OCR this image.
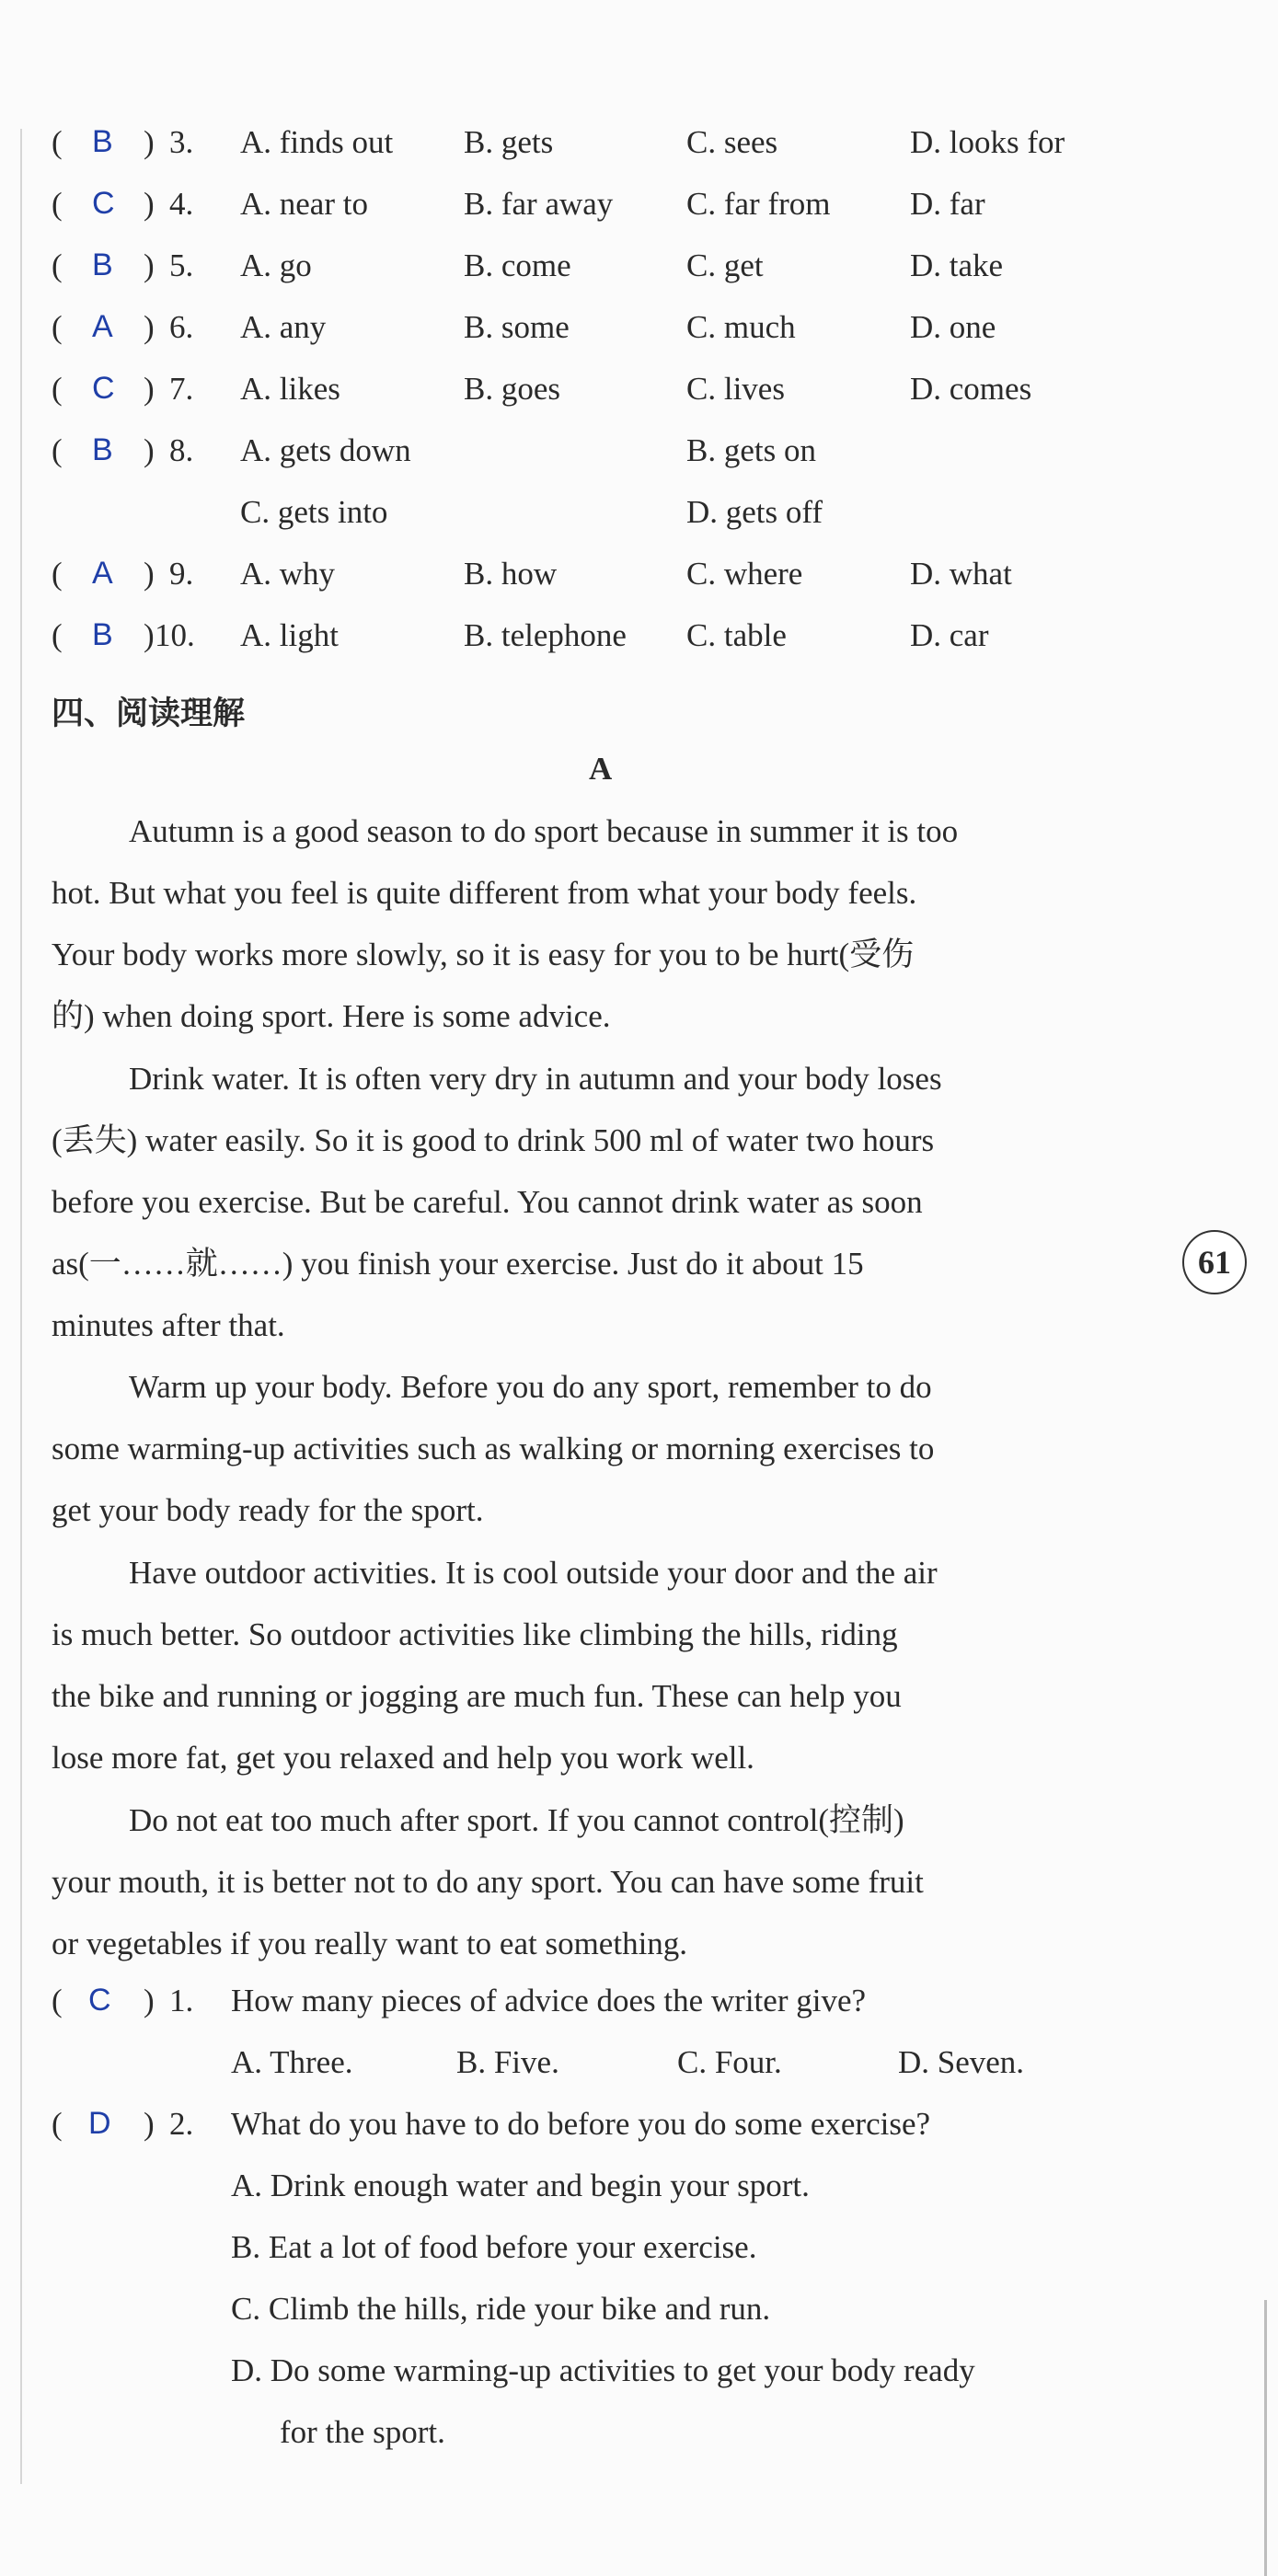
( B ) 3. A. finds out B. gets	C. sees	D. looks for
( C ) 4. A. near to	B. far away C. far from D. far
( B ) 5. A. go	B. come	C. get	D. take
( A ) 6. A. any	B. some	C. much	D. one
( C ) 7. A. likes	B. goes	C. lives	D. comes
( B ) 8. A. gets down	B. gets on
C. gets into	D. gets off
( A ) 9. A. why	B. how	C. where	D. what
( B ) 10. A. light	B. telephone C. table	D. car
四、阅读理解
A
Autumn is a good season to do sport because in summer it is too
hot. But what you feel is quite different from what your body feels.
Your body works more slowly, so it is easy for you to be hurt(受伤
的) when doing sport. Here is some advice.
Drink water. It is often very dry in autumn and your body loses
(丢失) water easily. So it is good to drink 500 ml of water two hours
before you exercise. But be careful. You cannot drink water as soon
as(一……就……) you finish your exercise. Just do it about 15
minutes after that.
Warm up your body. Before you do any sport, remember to do
some warming-up activities such as walking or morning exercises to
get your body ready for the sport.
Have outdoor activities. It is cool outside your door and the air
is much better. So outdoor activities like climbing the hills, riding
the bike and running or jogging are much fun. These can help you
lose more fat, get you relaxed and help you work well.
Do not eat too much after sport. If you cannot control(控制)
your mouth, it is better not to do any sport. You can have some fruit
or vegetables if you really want to eat something.
61
(	)
C 1. How many pieces of advice does the writer give?
A. Three.	B. Five.	C. Four.	D. Seven.
(	)
D 2. What do you have to do before you do some exercise?
A. Drink enough water and begin your sport.
B. Eat a lot of food before your exercise.
C. Climb the hills, ride your bike and run.
D. Do some warming-up activities to get your body ready
for the sport.
